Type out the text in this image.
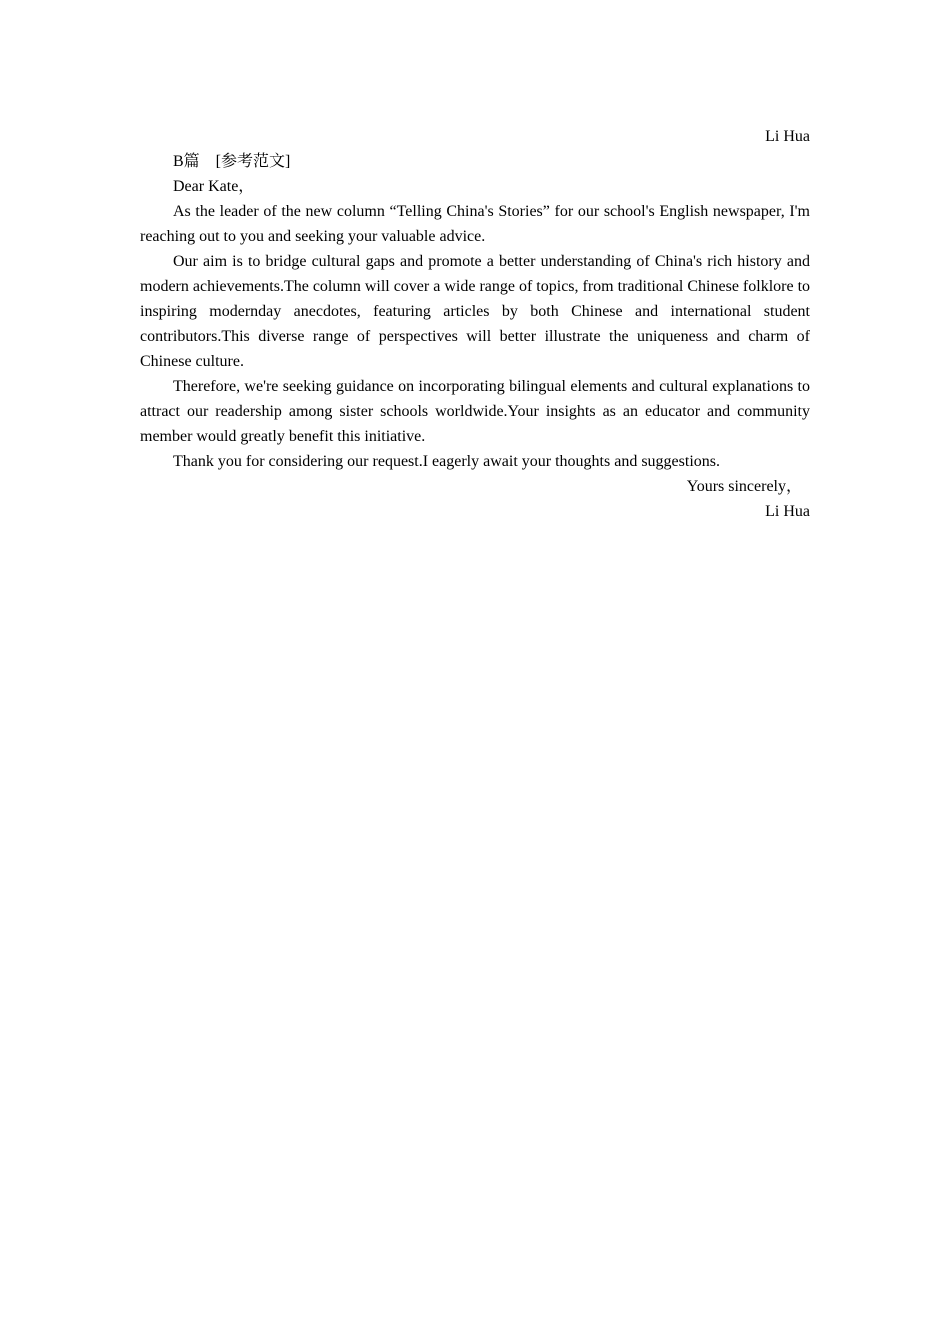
Li Hua

B篇　[参考范文]

Dear Kate，

As the leader of the new column “Telling China's Stories” for our school's English newspaper, I'm reaching out to you and seeking your valuable advice.

Our aim is to bridge cultural gaps and promote a better understanding of China's rich history and modern achievements.The column will cover a wide range of topics, from traditional Chinese folklore to inspiring modernday anecdotes, featuring articles by both Chinese and international student contributors.This diverse range of perspectives will better illustrate the uniqueness and charm of Chinese culture.

Therefore, we're seeking guidance on incorporating bilingual elements and cultural explanations to attract our readership among sister schools worldwide.Your insights as an educator and community member would greatly benefit this initiative.

Thank you for considering our request.I eagerly await your thoughts and suggestions.

Yours sincerely，

Li Hua
